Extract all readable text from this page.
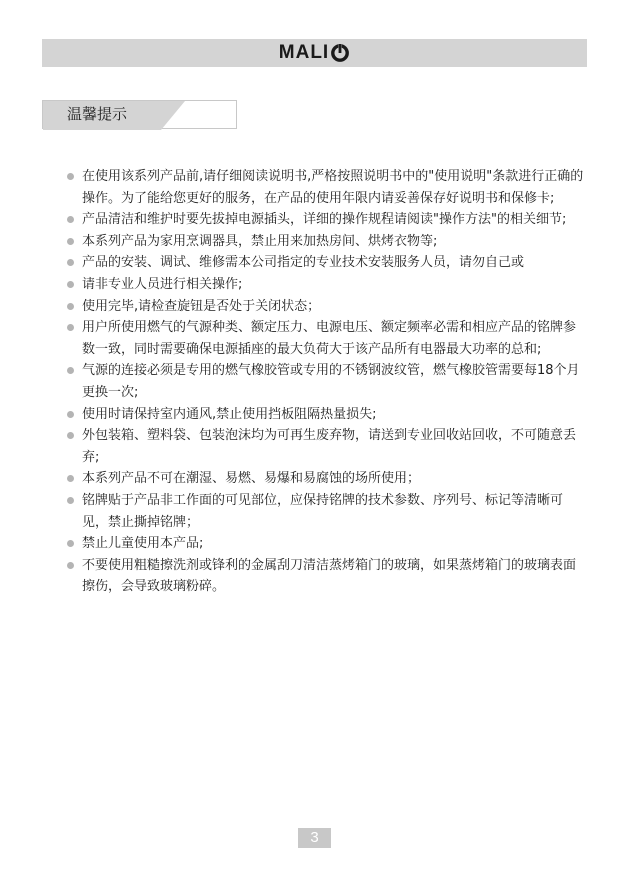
MALI
温馨提示
在使用该系列产品前,请仔细阅读说明书,严格按照说明书中的"使用说明"条款进行正确的操作。为了能给您更好的服务，在产品的使用年限内请妥善保存好说明书和保修卡;
产品清洁和维护时要先拔掉电源插头，详细的操作规程请阅读"操作方法"的相关细节;
本系列产品为家用烹调器具，禁止用来加热房间、烘烤衣物等;
产品的安装、调试、维修需本公司指定的专业技术安装服务人员，请勿自己或
请非专业人员进行相关操作;
使用完毕,请检查旋钮是否处于关闭状态；
用户所使用燃气的气源种类、额定压力、电源电压、额定频率必需和相应产品的铭牌参数一致，同时需要确保电源插座的最大负荷大于该产品所有电器最大功率的总和;
气源的连接必须是专用的燃气橡胶管或专用的不锈钢波纹管，燃气橡胶管需要每18个月更换一次;
使用时请保持室内通风,禁止使用挡板阻隔热量损失;
外包装箱、塑料袋、包装泡沫均为可再生废弃物，请送到专业回收站回收，不可随意丢弃;
本系列产品不可在潮湿、易燃、易爆和易腐蚀的场所使用；
铭牌贴于产品非工作面的可见部位，应保持铭牌的技术参数、序列号、标记等清晰可见，禁止撕掉铭牌；
禁止儿童使用本产品;
不要使用粗糙擦洗剂或锋利的金属刮刀清洁蒸烤箱门的玻璃，如果蒸烤箱门的玻璃表面擦伤，会导致玻璃粉碎。
3
